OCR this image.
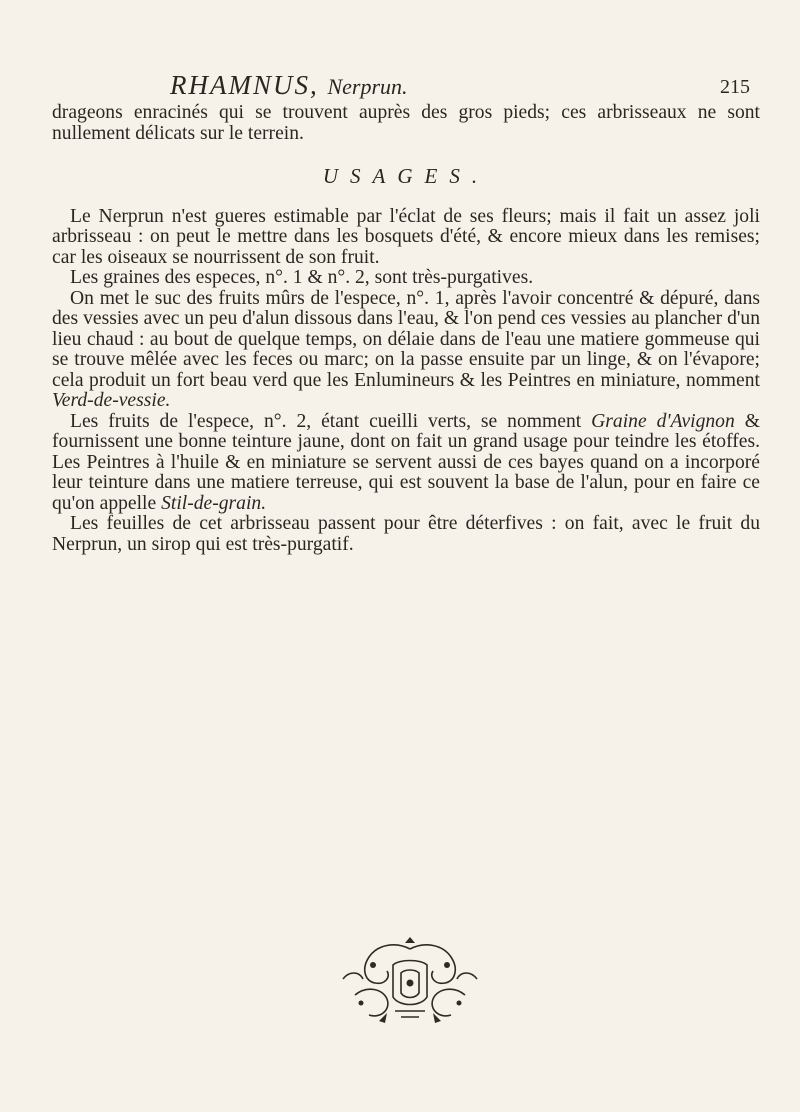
RHAMNUS, Nerprun.	215

drageons enracinés qui se trouvent auprès des gros pieds; ces arbrisseaux ne sont nullement délicats sur le terrein.

USAGES.

Le Nerprun n'est gueres estimable par l'éclat de ses fleurs; mais il fait un assez joli arbrisseau : on peut le mettre dans les bosquets d'été, & encore mieux dans les remises; car les oiseaux se nourrissent de son fruit.

Les graines des especes, n°. 1 & n°. 2, sont très-purgatives.

On met le suc des fruits mûrs de l'espece, n°. 1, après l'avoir concentré & dépuré, dans des vessies avec un peu d'alun dissous dans l'eau, & l'on pend ces vessies au plancher d'un lieu chaud : au bout de quelque temps, on délaie dans de l'eau une matiere gommeuse qui se trouve mêlée avec les feces ou marc; on la passe ensuite par un linge, & on l'évapore; cela produit un fort beau verd que les Enlumineurs & les Peintres en miniature, nomment Verd-de-vessie.

Les fruits de l'espece, n°. 2, étant cueilli verts, se nomment Graine d'Avignon & fournissent une bonne teinture jaune, dont on fait un grand usage pour teindre les étoffes. Les Peintres à l'huile & en miniature se servent aussi de ces bayes quand on a incorporé leur teinture dans une matiere terreuse, qui est souvent la base de l'alun, pour en faire ce qu'on appelle Stil-de-grain.

Les feuilles de cet arbrisseau passent pour être déterfives : on fait, avec le fruit du Nerprun, un sirop qui est très-purgatif.
